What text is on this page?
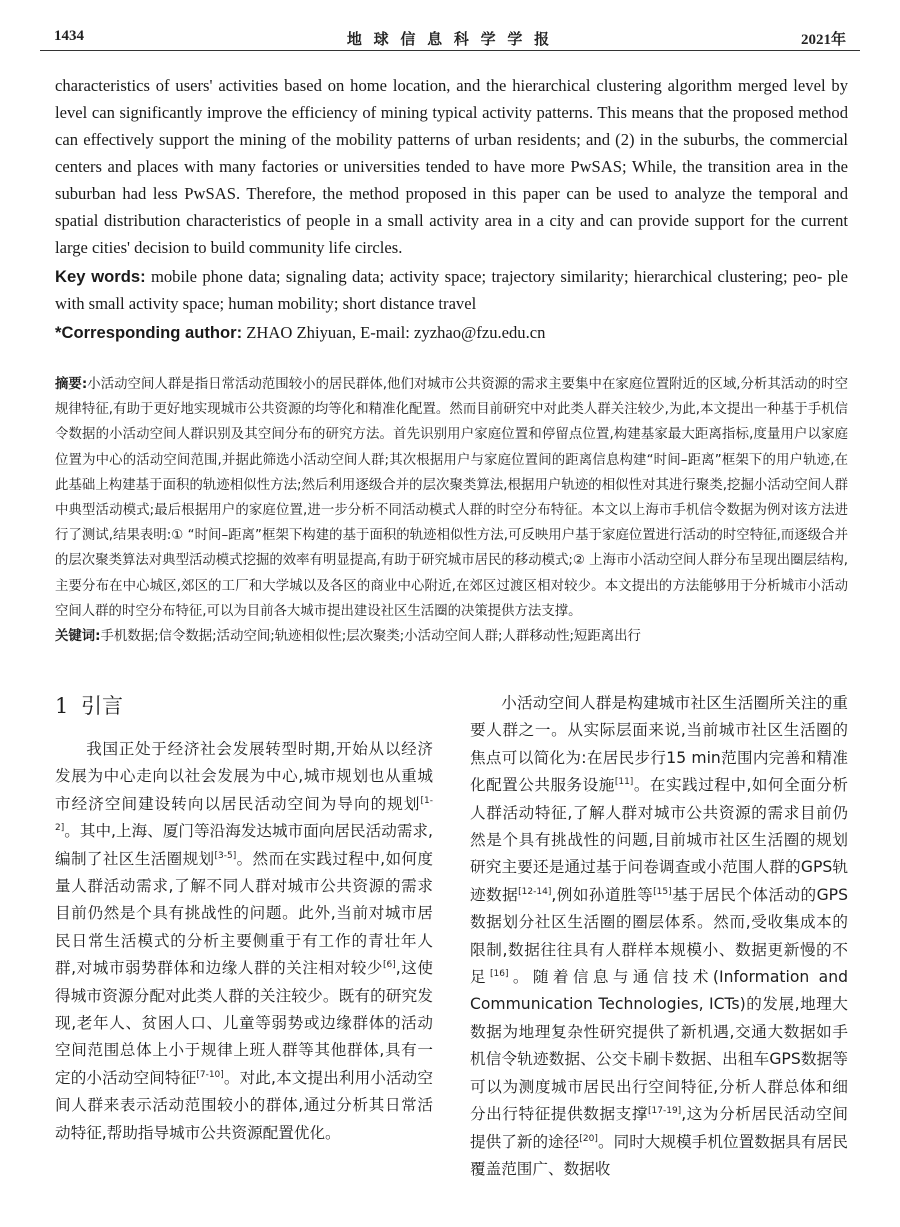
1434	地 球 信 息 科 学 学 报	2021年

characteristics of users' activities based on home location, and the hierarchical clustering algorithm merged level by level can significantly improve the efficiency of mining typical activity patterns. This means that the proposed method can effectively support the mining of the mobility patterns of urban residents; and (2) in the suburbs, the commercial centers and places with many factories or universities tended to have more PwSAS; While, the transition area in the suburban had less PwSAS. Therefore, the method proposed in this paper can be used to analyze the temporal and spatial distribution characteristics of people in a small activity area in a city and can provide support for the current large cities' decision to build community life circles.

Key words: mobile phone data; signaling data; activity space; trajectory similarity; hierarchical clustering; peo- ple with small activity space; human mobility; short distance travel

*Corresponding author: ZHAO Zhiyuan, E-mail: zyzhao@fzu.edu.cn

摘要:小活动空间人群是指日常活动范围较小的居民群体,他们对城市公共资源的需求主要集中在家庭位置附近的区域,分析其活动的时空规律特征,有助于更好地实现城市公共资源的均等化和精准化配置。然而目前研究中对此类人群关注较少,为此,本文提出一种基于手机信令数据的小活动空间人群识别及其空间分布的研究方法。首先识别用户家庭位置和停留点位置,构建基家最大距离指标,度量用户以家庭位置为中心的活动空间范围,并据此筛选小活动空间人群;其次根据用户与家庭位置间的距离信息构建“时间–距离”框架下的用户轨迹,在此基础上构建基于面积的轨迹相似性方法;然后利用逐级合并的层次聚类算法,根据用户轨迹的相似性对其进行聚类,挖掘小活动空间人群中典型活动模式;最后根据用户的家庭位置,进一步分析不同活动模式人群的时空分布特征。本文以上海市手机信令数据为例对该方法进行了测试,结果表明:① “时间–距离”框架下构建的基于面积的轨迹相似性方法,可反映用户基于家庭位置进行活动的时空特征,而逐级合并的层次聚类算法对典型活动模式挖掘的效率有明显提高,有助于研究城市居民的移动模式;② 上海市小活动空间人群分布呈现出圈层结构,主要分布在中心城区,郊区的工厂和大学城以及各区的商业中心附近,在郊区过渡区相对较少。本文提出的方法能够用于分析城市小活动空间人群的时空分布特征,可以为目前各大城市提出建设社区生活圈的决策提供方法支撑。

关键词:手机数据;信令数据;活动空间;轨迹相似性;层次聚类;小活动空间人群;人群移动性;短距离出行

1 引言

我国正处于经济社会发展转型时期,开始从以经济发展为中心走向以社会发展为中心,城市规划也从重城市经济空间建设转向以居民活动空间为导向的规划[1-2]。其中,上海、厦门等沿海发达城市面向居民活动需求,编制了社区生活圈规划[3-5]。然而在实践过程中,如何度量人群活动需求,了解不同人群对城市公共资源的需求目前仍然是个具有挑战性的问题。此外,当前对城市居民日常生活模式的分析主要侧重于有工作的青壮年人群,对城市弱势群体和边缘人群的关注相对较少[6],这使得城市资源分配对此类人群的关注较少。既有的研究发现,老年人、贫困人口、儿童等弱势或边缘群体的活动空间范围总体上小于规律上班人群等其他群体,具有一定的小活动空间特征[7-10]。对此,本文提出利用小活动空间人群来表示活动范围较小的群体,通过分析其日常活动特征,帮助指导城市公共资源配置优化。

小活动空间人群是构建城市社区生活圈所关注的重要人群之一。从实际层面来说,当前城市社区生活圈的焦点可以简化为:在居民步行15 min范围内完善和精准化配置公共服务设施[11]。在实践过程中,如何全面分析人群活动特征,了解人群对城市公共资源的需求目前仍然是个具有挑战性的问题,目前城市社区生活圈的规划研究主要还是通过基于问卷调查或小范围人群的GPS轨迹数据[12-14],例如孙道胜等[15]基于居民个体活动的GPS数据划分社区生活圈的圈层体系。然而,受收集成本的限制,数据往往具有人群样本规模小、数据更新慢的不足[16]。随着信息与通信技术(Information and Communication Technologies, ICTs)的发展,地理大数据为地理复杂性研究提供了新机遇,交通大数据如手机信令轨迹数据、公交卡刷卡数据、出租车GPS数据等可以为测度城市居民出行空间特征,分析人群总体和细分出行特征提供数据支撑[17-19],这为分析居民活动空间提供了新的途径[20]。同时大规模手机位置数据具有居民覆盖范围广、数据收
